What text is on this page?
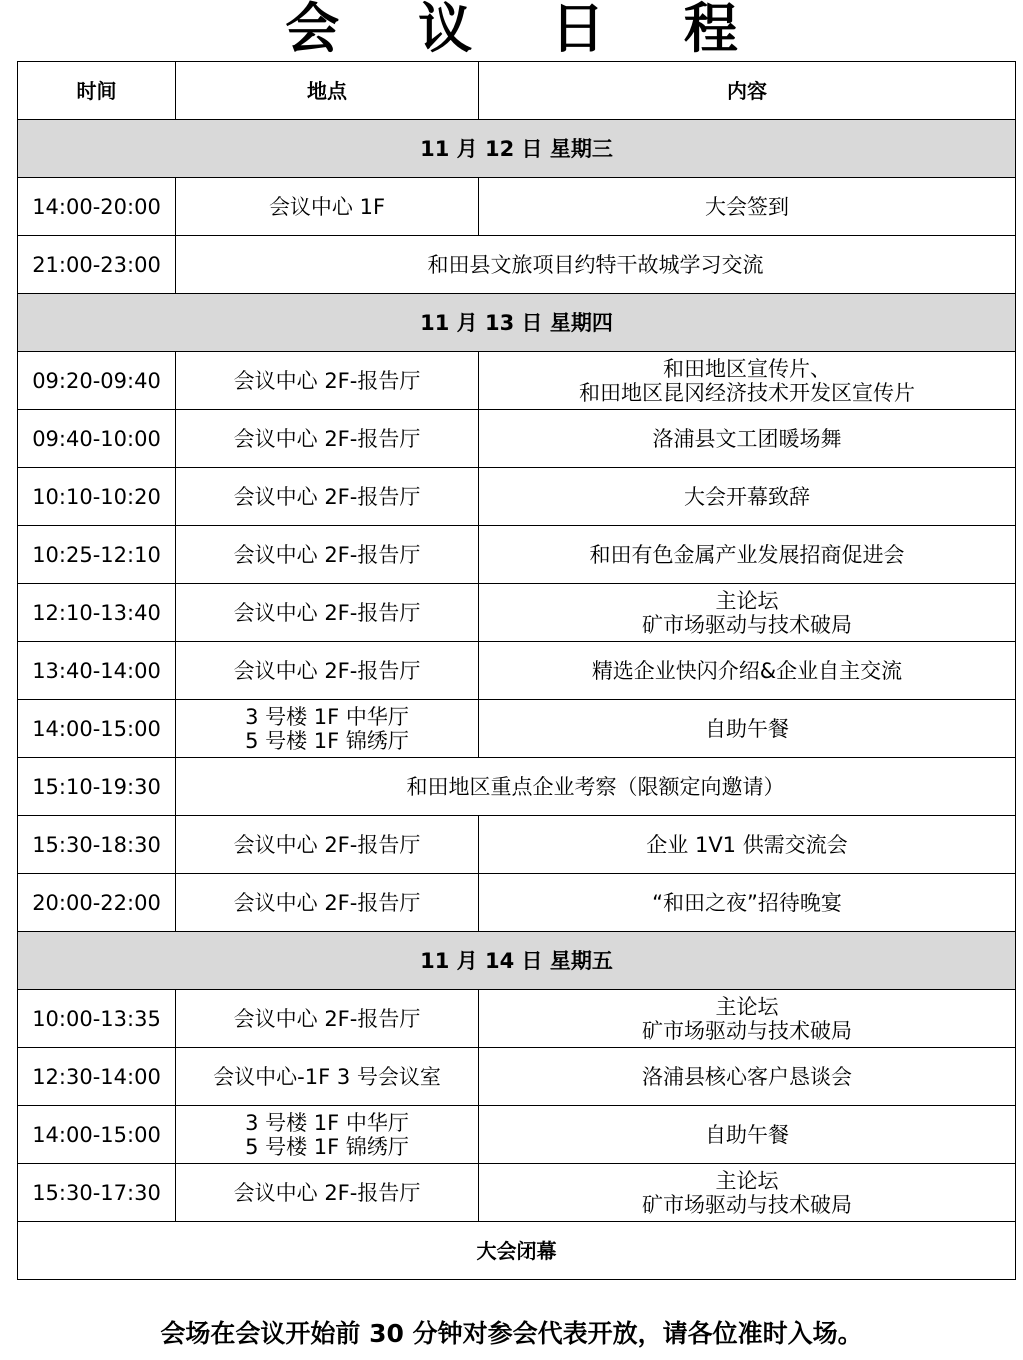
会 议 日 程
时间	地点	内容
11 月 12 日 星期三		
14:00-20:00	会议中心 1F	大会签到
21:00-23:00	和田县文旅项目约特干故城学习交流	
11 月 13 日 星期四		
09:20-09:40	会议中心 2F-报告厅	和田地区宣传片、
和田地区昆冈经济技术开发区宣传片

09:40-10:00	会议中心 2F-报告厅	洛浦县文工团暖场舞
10:10-10:20	会议中心 2F-报告厅	大会开幕致辞
10:25-12:10	会议中心 2F-报告厅	和田有色金属产业发展招商促进会
12:10-13:40	会议中心 2F-报告厅	主论坛
矿市场驱动与技术破局

13:40-14:00	会议中心 2F-报告厅	精选企业快闪介绍&企业自主交流
14:00-15:00	3 号楼 1F 中华厅
5 号楼 1F 锦绣厅	自助午餐
15:10-19:30	和田地区重点企业考察（限额定向邀请）	
15:30-18:30	会议中心 2F-报告厅	企业 1V1 供需交流会
20:00-22:00	会议中心 2F-报告厅	“和田之夜”招待晚宴
11 月 14 日 星期五		
10:00-13:35	会议中心 2F-报告厅	主论坛
矿市场驱动与技术破局

12:30-14:00	会议中心-1F 3 号会议室	洛浦县核心客户恳谈会
14:00-15:00	3 号楼 1F 中华厅
5 号楼 1F 锦绣厅	自助午餐
15:30-17:30	会议中心 2F-报告厅	主论坛
矿市场驱动与技术破局

大会闭幕		
会场在会议开始前 30 分钟对参会代表开放，请各位准时入场。
